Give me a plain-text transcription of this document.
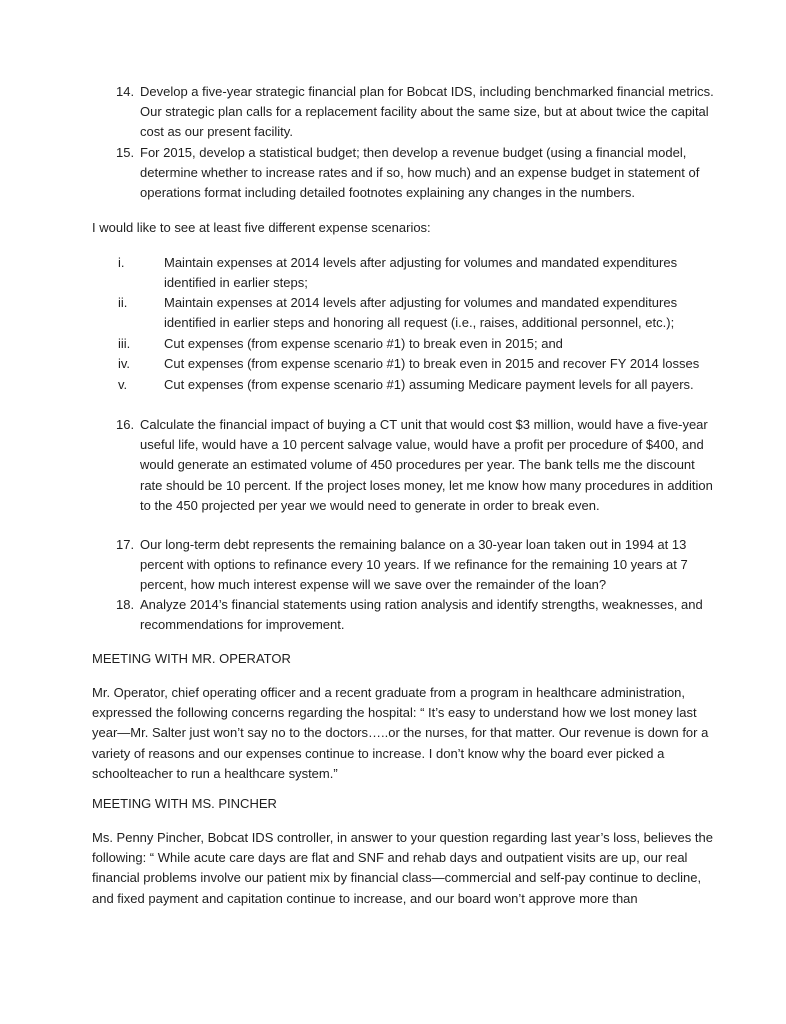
14. Develop a five-year strategic financial plan for Bobcat IDS, including benchmarked financial metrics. Our strategic plan calls for a replacement facility about the same size, but at about twice the capital cost as our present facility.
15. For 2015, develop a statistical budget; then develop a revenue budget (using a financial model, determine whether to increase rates and if so, how much) and an expense budget in statement of operations format including detailed footnotes explaining any changes in the numbers.
I would like to see at least five different expense scenarios:
i.	Maintain expenses at 2014 levels after adjusting for volumes and mandated expenditures identified in earlier steps;
ii.	Maintain expenses at 2014 levels after adjusting for volumes and mandated expenditures identified in earlier steps and honoring all request (i.e., raises, additional personnel, etc.);
iii.	Cut expenses (from expense scenario #1) to break even in 2015; and
iv.	Cut expenses (from expense scenario #1) to break even in 2015 and recover FY 2014 losses
v.	Cut expenses (from expense scenario #1) assuming Medicare payment levels for all payers.
16. Calculate the financial impact of buying a CT unit that would cost $3 million, would have a five-year useful life, would have a 10 percent salvage value, would have a profit per procedure of $400, and would generate an estimated volume of 450 procedures per year. The bank tells me the discount rate should be 10 percent. If the project loses money, let me know how many procedures in addition to the 450 projected per year we would need to generate in order to break even.
17. Our long-term debt represents the remaining balance on a 30-year loan taken out in 1994 at 13 percent with options to refinance every 10 years. If we refinance for the remaining 10 years at 7 percent, how much interest expense will we save over the remainder of the loan?
18. Analyze 2014’s financial statements using ration analysis and identify strengths, weaknesses, and recommendations for improvement.
MEETING WITH MR. OPERATOR
Mr. Operator, chief operating officer and a recent graduate from a program in healthcare administration, expressed the following concerns regarding the hospital: “ It’s easy to understand how we lost money last year—Mr. Salter just won’t say no to the doctors…..or the nurses, for that matter. Our revenue is down for a variety of reasons and our expenses continue to increase. I don’t know why the board ever picked a schoolteacher to run a healthcare system.”
MEETING WITH MS. PINCHER
Ms. Penny Pincher, Bobcat IDS controller, in answer to your question regarding last year’s loss, believes the following: “ While acute care days are flat and SNF and rehab days and outpatient visits are up, our real financial problems involve our patient mix by financial class—commercial and self-pay continue to decline, and fixed payment and capitation continue to increase, and our board won’t approve more than
